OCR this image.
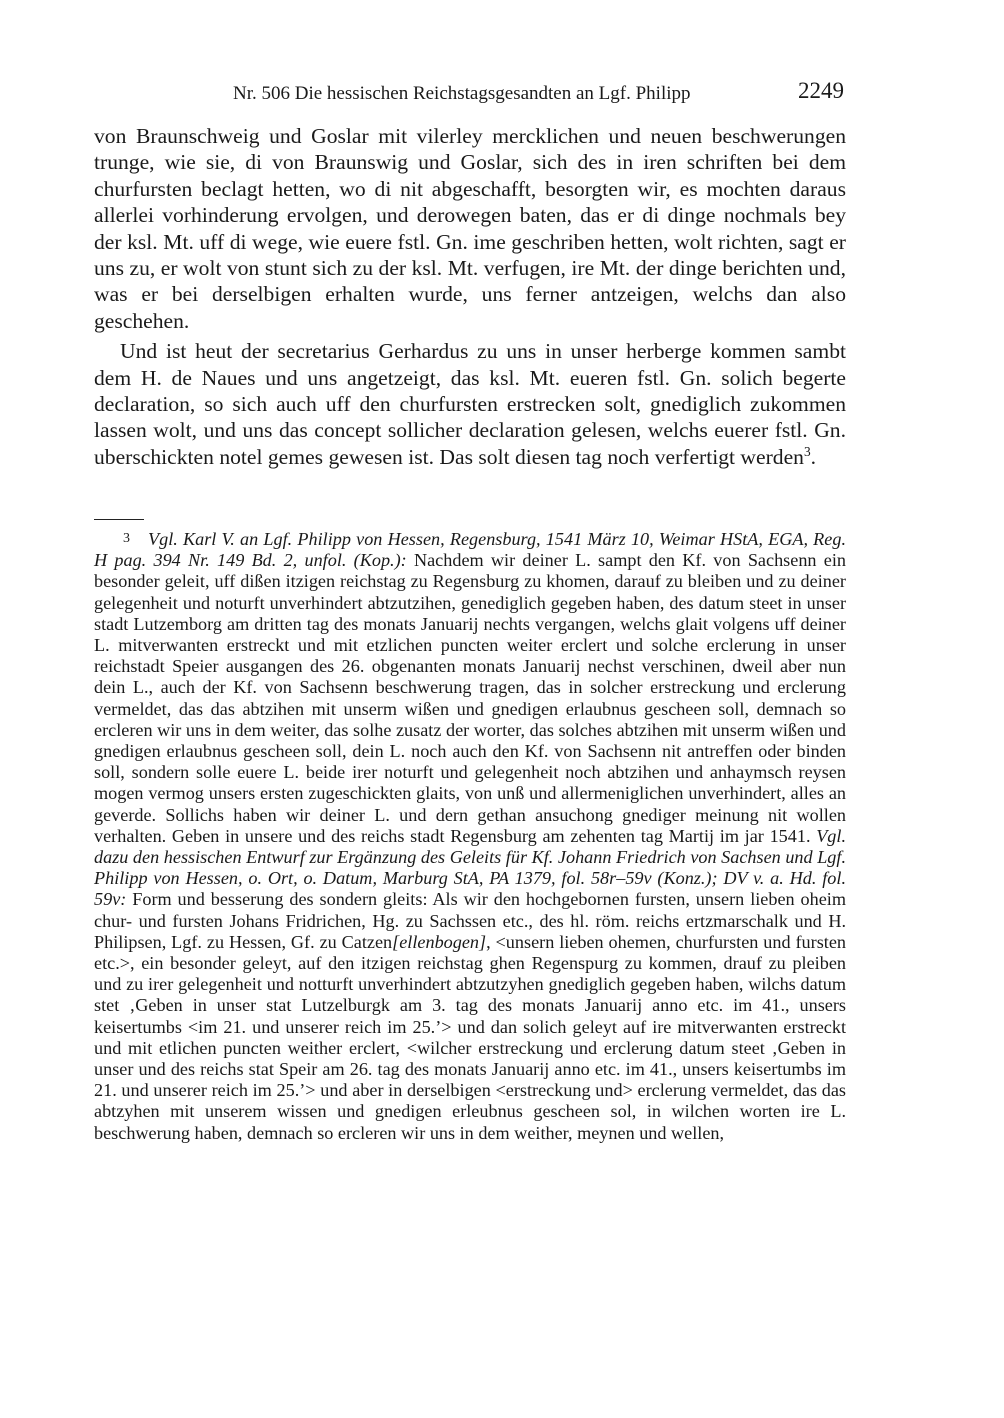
Nr. 506 Die hessischen Reichstagsgesandten an Lgf. Philipp	2249

von Braunschweig und Goslar mit vilerley mercklichen und neuen beschwerungen trunge, wie sie, di von Braunswig und Goslar, sich des in iren schriften bei dem churfursten beclagt hetten, wo di nit abgeschafft, besorgten wir, es mochten daraus allerlei vorhinderung ervolgen, und derowegen baten, das er di dinge nochmals bey der ksl. Mt. uff di wege, wie euere fstl. Gn. ime geschriben hetten, wolt richten, sagt er uns zu, er wolt von stunt sich zu der ksl. Mt. verfugen, ire Mt. der dinge berichten und, was er bei derselbigen erhalten wurde, uns ferner antzeigen, welchs dan also geschehen.

Und ist heut der secretarius Gerhardus zu uns in unser herberge kommen sambt dem H. de Naues und uns angetzeigt, das ksl. Mt. eueren fstl. Gn. solich begerte declaration, so sich auch uff den churfursten erstrecken solt, gnediglich zukommen lassen wolt, und uns das concept sollicher declaration gelesen, welchs euerer fstl. Gn. uberschickten notel gemes gewesen ist. Das solt diesen tag noch verfertigt werden$^3$.

3 Vgl. Karl V. an Lgf. Philipp von Hessen, Regensburg, 1541 März 10, Weimar HStA, EGA, Reg. H pag. 394 Nr. 149 Bd. 2, unfol. (Kop.): Nachdem wir deiner L. sampt den Kf. von Sachsenn ein besonder geleit, uff dißen itzigen reichstag zu Regensburg zu khomen, darauf zu bleiben und zu deiner gelegenheit und noturft unverhindert abtzutzihen, genediglich gegeben haben, des datum steet in unser stadt Lutzemborg am dritten tag des monats Januarij nechts vergangen, welchs glait volgens uff deiner L. mitverwanten erstreckt und mit etzlichen puncten weiter erclert und solche erclerung in unser reichstadt Speier ausgangen des 26. obgenanten monats Januarij nechst verschinen, dweil aber nun dein L., auch der Kf. von Sachsenn beschwerung tragen, das in solcher erstreckung und erclerung vermeldet, das das abtzihen mit unserm wißen und gnedigen erlaubnus gescheen soll, demnach so ercleren wir uns in dem weiter, das solhe zusatz der worter, das solches abtzihen mit unserm wißen und gnedigen erlaubnus gescheen soll, dein L. noch auch den Kf. von Sachsenn nit antreffen oder binden soll, sondern solle euere L. beide irer noturft und gelegenheit noch abtzihen und anhaymsch reysen mogen vermog unsers ersten zugeschickten glaits, von unß und allermeniglichen unverhindert, alles an geverde. Sollichs haben wir deiner L. und dern gethan ansuchong gnediger meinung nit wollen verhalten. Geben in unsere und des reichs stadt Regensburg am zehenten tag Martij im jar 1541. Vgl. dazu den hessischen Entwurf zur Ergänzung des Geleits für Kf. Johann Friedrich von Sachsen und Lgf. Philipp von Hessen, o. Ort, o. Datum, Marburg StA, PA 1379, fol. 58r–59v (Konz.); DV v. a. Hd. fol. 59v: Form und besserung des sondern gleits: Als wir den hochgebornen fursten, unsern lieben oheim chur- und fursten Johans Fridrichen, Hg. zu Sachssen etc., des hl. röm. reichs ertzmarschalk und H. Philipsen, Lgf. zu Hessen, Gf. zu Catzen[ellenbogen], <unsern lieben ohemen, churfursten und fursten etc.>, ein besonder geleyt, auf den itzigen reichstag ghen Regenspurg zu kommen, drauf zu pleiben und zu irer gelegenheit und notturft unverhindert abtzutzyhen gnediglich gegeben haben, wilchs datum stet ‚Geben in unser stat Lutzelburgk am 3. tag des monats Januarij anno etc. im 41., unsers keisertumbs <im 21. und unserer reich im 25.’> und dan solich geleyt auf ire mitverwanten erstreckt und mit etlichen puncten weither erclert, <wilcher erstreckung und erclerung datum steet ‚Geben in unser und des reichs stat Speir am 26. tag des monats Januarij anno etc. im 41., unsers keisertumbs im 21. und unserer reich im 25.’> und aber in derselbigen <erstreckung und> erclerung vermeldet, das das abtzyhen mit unserem wissen und gnedigen erleubnus gescheen sol, in wilchen worten ire L. beschwerung haben, demnach so ercleren wir uns in dem weither, meynen und wellen,
